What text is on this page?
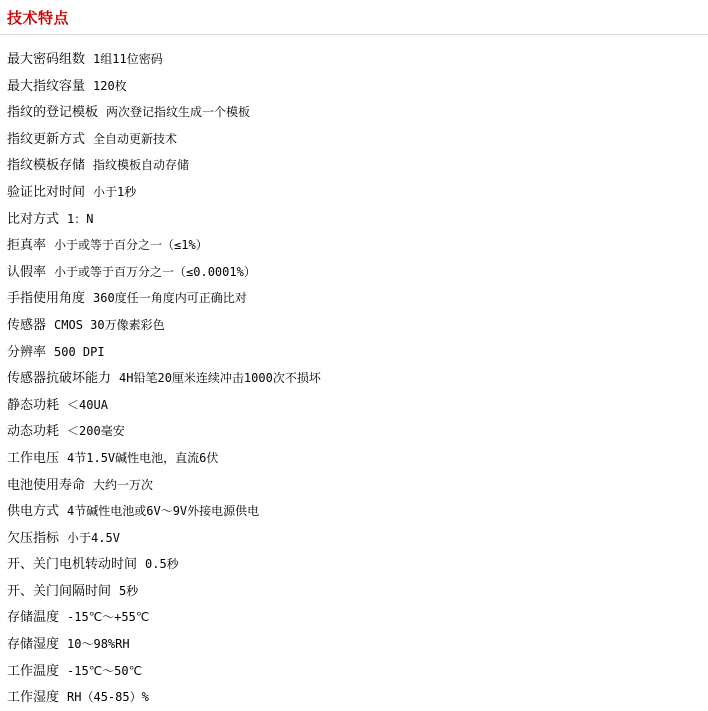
技术特点
最大密码组数 1组11位密码
最大指纹容量 120枚
指纹的登记模板 两次登记指纹生成一个模板
指纹更新方式 全自动更新技术
指纹模板存储 指纹模板自动存储
验证比对时间 小于1秒
比对方式 1：N
拒真率 小于或等于百分之一（≤1%）
认假率 小于或等于百万分之一（≤0.0001%）
手指使用角度 360度任一角度内可正确比对
传感器 CMOS 30万像素彩色
分辨率 500 DPI
传感器抗破坏能力 4H铅笔20厘米连续冲击1000次不损坏
静态功耗 ＜40UA
动态功耗 ＜200毫安
工作电压 4节1.5V碱性电池，直流6伏
电池使用寿命 大约一万次
供电方式 4节碱性电池或6V～9V外接电源供电
欠压指标 小于4.5V
开、关门电机转动时间 0.5秒
开、关门间隔时间 5秒
存储温度 -15℃～+55℃
存储湿度 10～98%RH
工作温度 -15℃～50℃
工作湿度 RH（45-85）%
